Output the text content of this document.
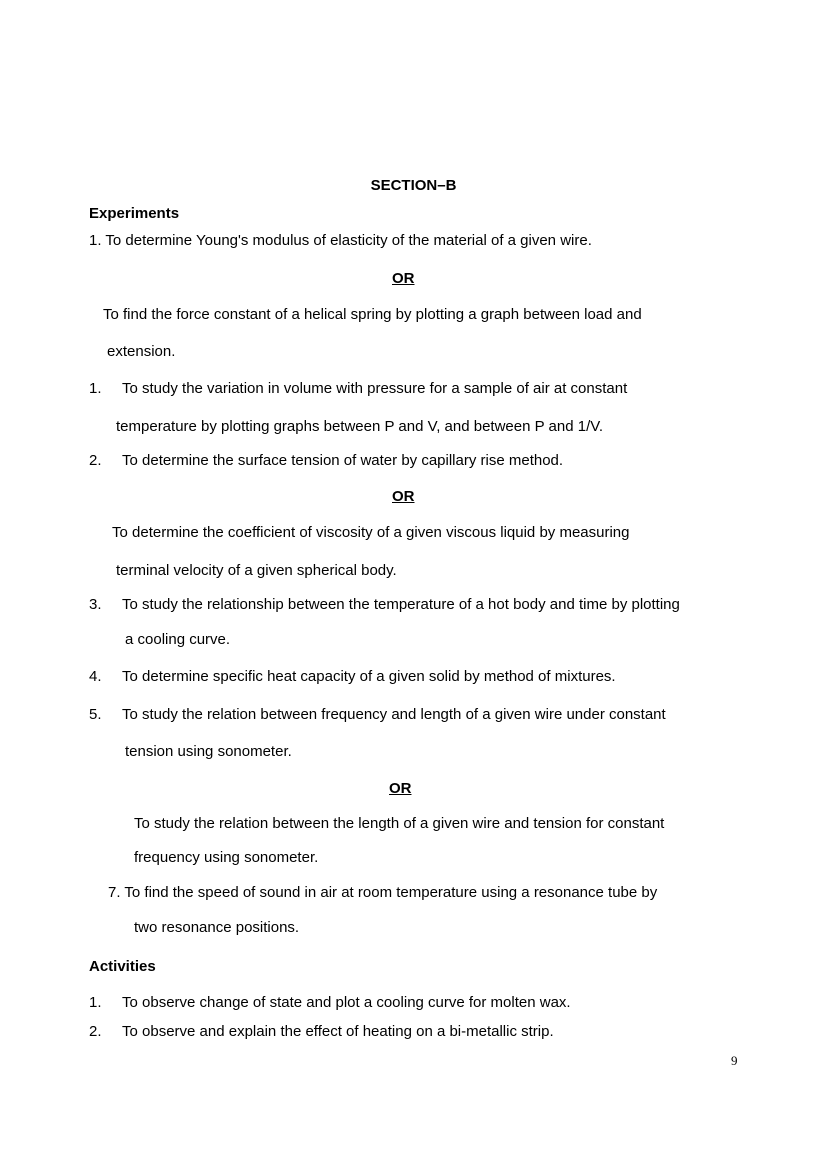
SECTION–B
Experiments
1. To determine Young's modulus of elasticity of the material of a given wire.
OR
To find the force constant of a helical spring by plotting a graph between load and
extension.
1. To study the variation in volume with pressure for a sample of air at constant
temperature by plotting graphs between P and V, and between P and 1/V.
2. To determine the surface tension of water by capillary rise method.
OR
To determine the coefficient of viscosity of a given viscous liquid by measuring
terminal velocity of a given spherical body.
3. To study the relationship between the temperature of a hot body and time by plotting
a cooling curve.
4. To determine specific heat capacity of a given solid by method of mixtures.
5. To study the relation between frequency and length of a given wire under constant
tension using sonometer.
OR
To study the relation between the length of a given wire and tension for constant
frequency using sonometer.
7. To find the speed of sound in air at room temperature using a resonance tube by
two resonance positions.
Activities
1. To observe change of state and plot a cooling curve for molten wax.
2. To observe and explain the effect of heating on a bi-metallic strip.
9
